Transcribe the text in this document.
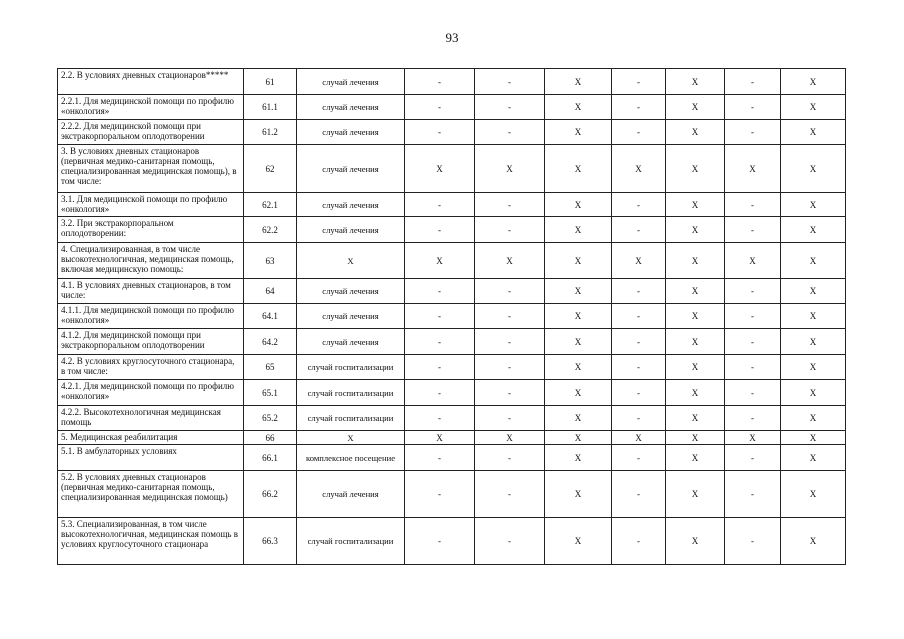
93
2.2. В условиях дневных стационаров*****	61	случай лечения	-	-	X	-	X	-	X
2.2.1. Для медицинской помощи по профилю «онкология»	61.1	случай лечения	-	-	X	-	X	-	X
2.2.2. Для медицинской помощи при экстракорпоральном оплодотворении	61.2	случай лечения	-	-	X	-	X	-	X
3. В условиях дневных стационаров (первичная медико-санитарная помощь, специализированная медицинская помощь), в том числе:	62	случай лечения	X	X	X	X	X	X	X
3.1. Для медицинской помощи по профилю «онкология»	62.1	случай лечения	-	-	X	-	X	-	X
3.2. При экстракорпоральном оплодотворении:	62.2	случай лечения	-	-	X	-	X	-	X
4. Специализированная, в том числе высокотехнологичная, медицинская помощь, включая медицинскую помощь:	63	X	X	X	X	X	X	X	X
4.1. В условиях дневных стационаров, в том числе:	64	случай лечения	-	-	X	-	X	-	X
4.1.1. Для медицинской помощи по профилю «онкология»	64.1	случай лечения	-	-	X	-	X	-	X
4.1.2. Для медицинской помощи при экстракорпоральном оплодотворении	64.2	случай лечения	-	-	X	-	X	-	X
4.2. В условиях круглосуточного стационара, в том числе:	65	случай госпитализации	-	-	X	-	X	-	X
4.2.1. Для медицинской помощи по профилю «онкология»	65.1	случай госпитализации	-	-	X	-	X	-	X
4.2.2. Высокотехнологичная медицинская помощь	65.2	случай госпитализации	-	-	X	-	X	-	X
5. Медицинская реабилитация	66	X	X	X	X	X	X	X	X
5.1. В амбулаторных условиях	66.1	комплексное посещение	-	-	X	-	X	-	X
5.2. В условиях дневных стационаров (первичная медико-санитарная помощь, специализированная медицинская помощь)	66.2	случай лечения	-	-	X	-	X	-	X
5.3. Специализированная, в том числе высокотехнологичная, медицинская помощь в условиях круглосуточного стационара	66.3	случай госпитализации	-	-	X	-	X	-	X
